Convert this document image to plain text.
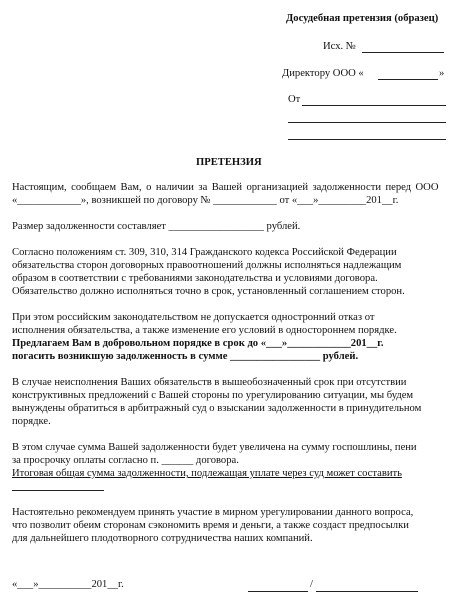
Досудебная претензия (образец)
Исх. №
Директору ООО «	»
От
ПРЕТЕНЗИЯ
Настоящим, сообщаем Вам, о наличии за Вашей организацией задолженности перед ООО
«____________», возникшей по договору № ____________ от «___»_________201__г.
Размер задолженности составляет __________________ рублей.
Согласно положениям ст. 309, 310, 314 Гражданского кодекса Российской Федерации
обязательства сторон договорных правоотношений должны исполняться надлежащим
образом в соответствии с требованиями законодательства и условиями договора.
Обязательство должно исполняться точно в срок, установленный соглашением сторон.
При этом российским законодательством не допускается одностронний отказ от
исполнения обязательства, а также изменение его условий в одностороннем порядке.
Предлагаем Вам в добровольном порядке в срок до «___»____________201__г.
погасить возникшую задолженность в сумме _________________ рублей.
В случае неисполнения Ваших обязательств в вышеобозначенный срок при отсутствии
конструктивных предложений с Вашей стороны по урегулированию ситуации, мы будем
вынуждены обратиться в арбитражный суд о взыскании задолженности в принудительном
порядке.
В этом случае сумма Вашей задолженности будет увеличена на сумму госпошлины, пени
за просрочку оплаты согласно п. ______ договора.
Итоговая общая сумма задолженности, подлежащая уплате через суд может составить
Настоятельно рекомендуем принять участие в мирном урегулировании данного вопроса,
что позволит обеим сторонам сэкономить время и деньги, а также создаст предпосылки
для дальнейшего плодотворного сотрудничества наших компаний.
«___»__________201__г.	/
